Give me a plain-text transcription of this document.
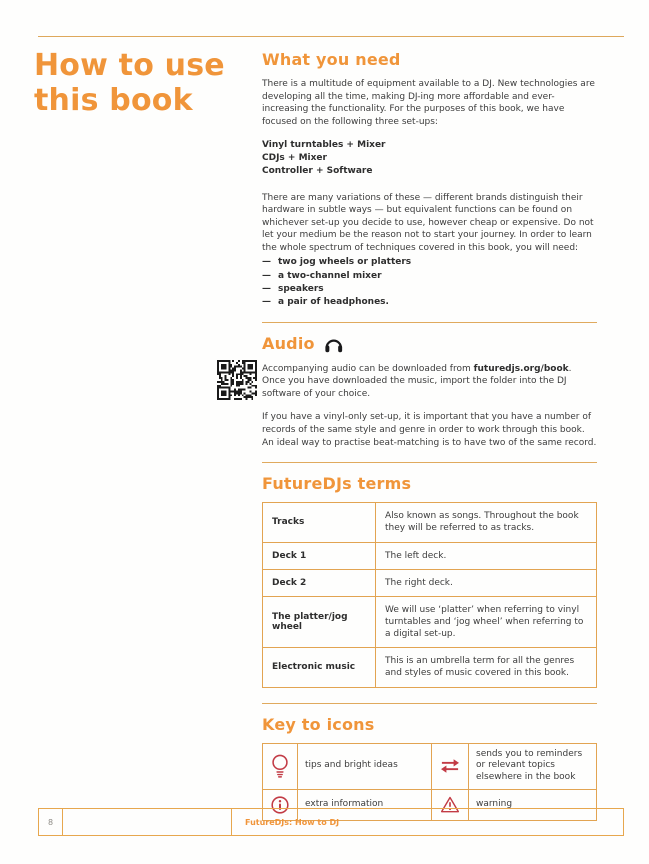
How to use
this book
What you need

There is a multitude of equipment available to a DJ. New technologies are developing all the time, making DJ-ing more affordable and ever-increasing the functionality. For the purposes of this book, we have focused on the following three set-ups:

Vinyl turntables + Mixer
CDJs + Mixer
Controller + Software

There are many variations of these — different brands distinguish their hardware in subtle ways — but equivalent functions can be found on whichever set-up you decide to use, however cheap or expensive. Do not let your medium be the reason not to start your journey. In order to learn the whole spectrum of techniques covered in this book, you will need:

— two jog wheels or platters
— a two-channel mixer
— speakers
— a pair of headphones.
Audio

Accompanying audio can be downloaded from futuredjs.org/book. Once you have downloaded the music, import the folder into the DJ software of your choice.

If you have a vinyl-only set-up, it is important that you have a number of records of the same style and genre in order to work through this book. An ideal way to practise beat-matching is to have two of the same record.

FutureDJs terms
Tracks	Also known as songs. Throughout the book they will be referred to as tracks.
Deck 1	The left deck.
Deck 2	The right deck.
The platter/jog wheel	We will use ‘platter’ when referring to vinyl turntables and ‘jog wheel’ when referring to a digital set-up.
Electronic music	This is an umbrella term for all the genres and styles of music covered in this book.
Key to icons
	tips and bright ideas		sends you to reminders or relevant topics elsewhere in the book

	extra information		warning
8	FutureDJs: How to DJ
